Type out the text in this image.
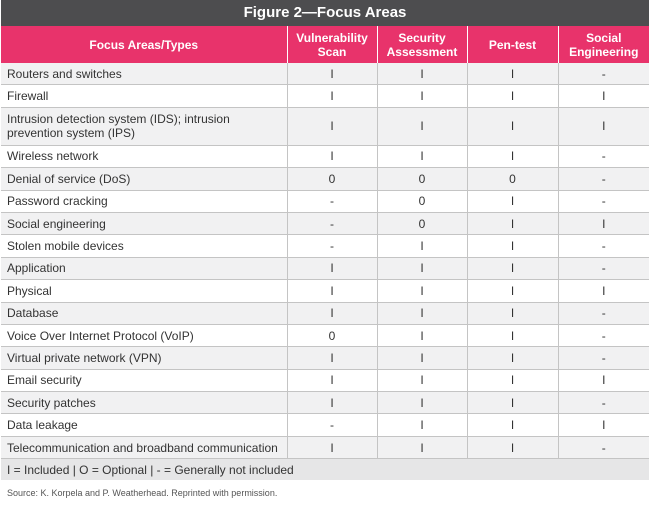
Figure 2—Focus Areas
Focus Areas/Types	Vulnerability Scan	Security Assessment	Pen-test	Social Engineering
Routers and switches	I	I	I	-
Firewall	I	I	I	I
Intrusion detection system (IDS); intrusion prevention system (IPS)	I	I	I	I
Wireless network	I	I	I	-
Denial of service (DoS)	0	0	0	-
Password cracking	-	0	I	-
Social engineering	-	0	I	I
Stolen mobile devices	-	I	I	-
Application	I	I	I	-
Physical	I	I	I	I
Database	I	I	I	-
Voice Over Internet Protocol (VoIP)	0	I	I	-
Virtual private network (VPN)	I	I	I	-
Email security	I	I	I	I
Security patches	I	I	I	-
Data leakage	-	I	I	I
Telecommunication and broadband communication	I	I	I	-
I = Included | O = Optional | - = Generally not included				
Source: K. Korpela and P. Weatherhead. Reprinted with permission.
